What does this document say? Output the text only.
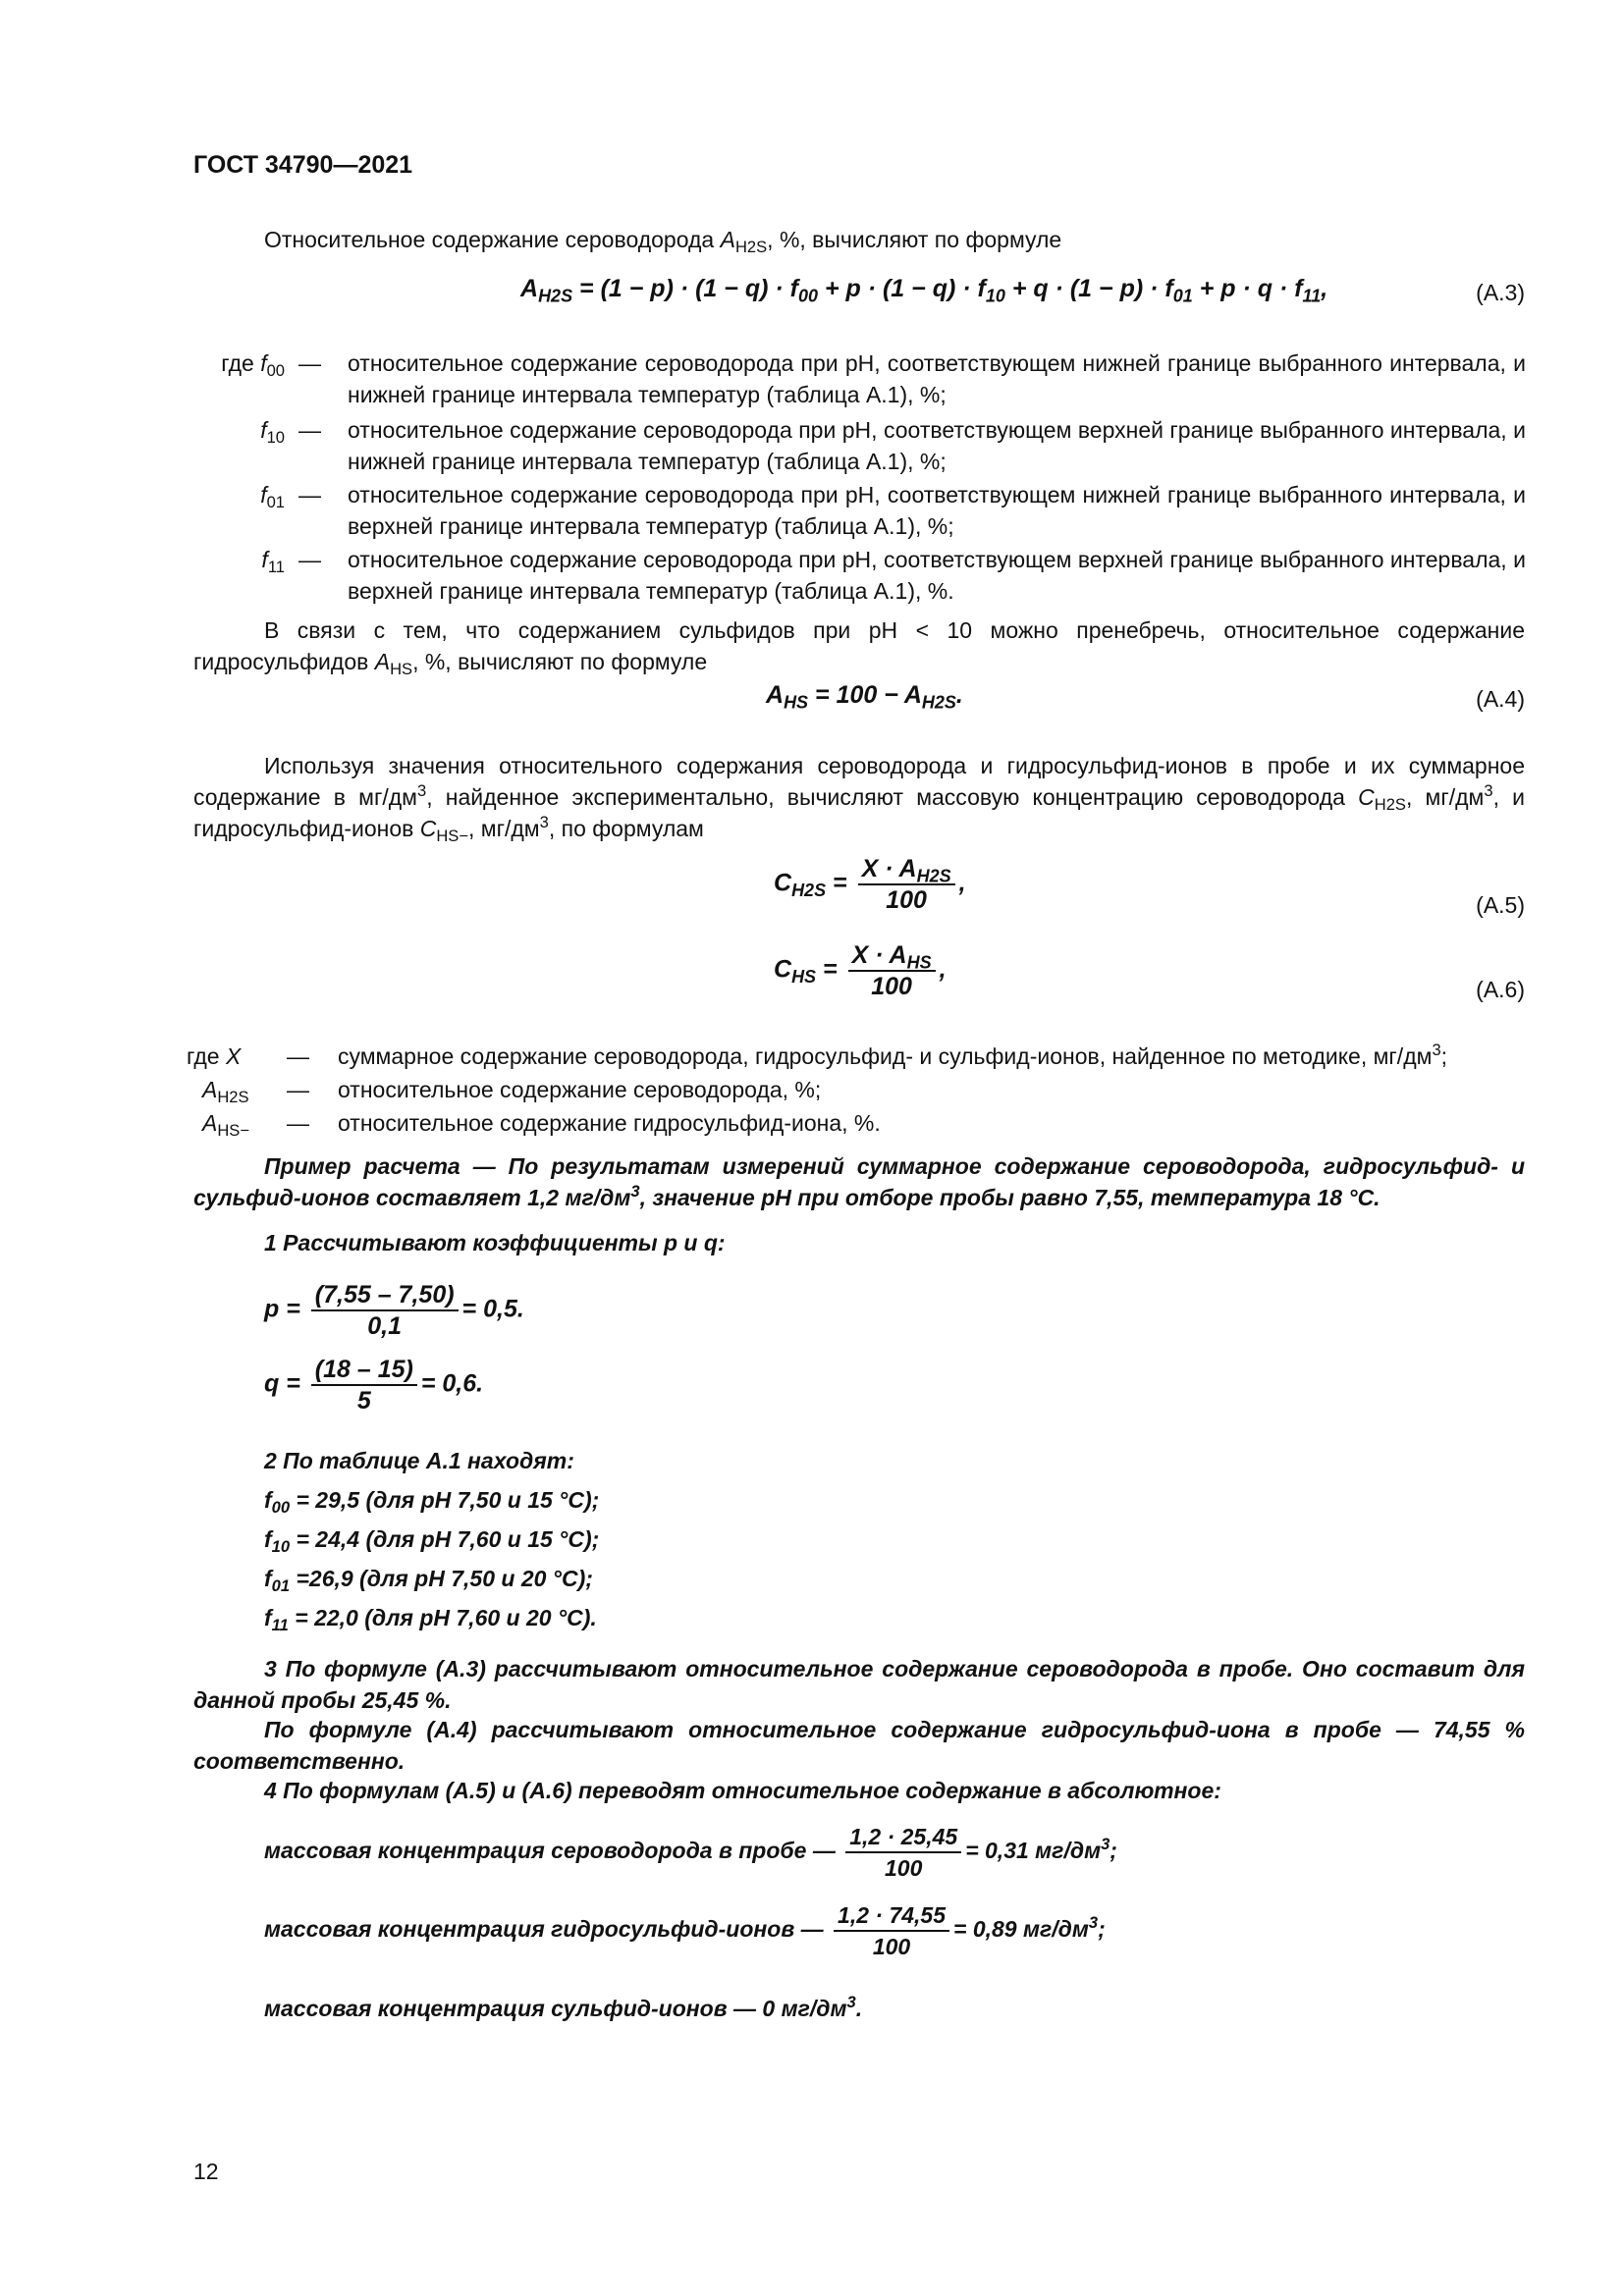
ГОСТ 34790—2021
Относительное содержание сероводорода $A_{H2S}$, %, вычисляют по формуле
$A_{H2S} = (1 - p) \cdot (1 - q) \cdot f_{00} + p \cdot (1 - q) \cdot f_{10} + q \cdot (1 - p) \cdot f_{01} + p \cdot q \cdot f_{11}$,	(А.3)
где $f_{00}$ — относительное содержание сероводорода при рН, соответствующем нижней границе выбранного интервала, и нижней границе интервала температур (таблица А.1), %;
$f_{10}$ — относительное содержание сероводорода при рН, соответствующем верхней границе выбранного интервала, и нижней границе интервала температур (таблица А.1), %;
$f_{01}$ — относительное содержание сероводорода при рН, соответствующем нижней границе выбранного интервала, и верхней границе интервала температур (таблица А.1), %;
$f_{11}$ — относительное содержание сероводорода при рН, соответствующем верхней границе выбранного интервала, и верхней границе интервала температур (таблица А.1), %.
В связи с тем, что содержанием сульфидов при рН < 10 можно пренебречь, относительное содержание гидросульфидов $A_{HS}$, %, вычисляют по формуле
$A_{HS} = 100 - A_{H2S}$.	(А.4)
Используя значения относительного содержания сероводорода и гидросульфид-ионов в пробе и их суммарное содержание в $мг/дм^3$, найденное экспериментально, вычисляют массовую концентрацию сероводорода $C_{H2S}$, $мг/дм^3$, и гидросульфид-ионов $C_{HS-}$, $мг/дм^3$, по формулам
$C_{H2S} = \frac{X \cdot A_{H2S}}{100}$ ,
(А.5)
$C_{HS} = \frac{X \cdot A_{HS}}{100}$ ,
(А.6)
где X	— суммарное содержание сероводорода, гидросульфид- и сульфид-ионов, найденное по методике, $мг/дм^3$;
$A_{H2S}$	— относительное содержание сероводорода, %;
$A_{HS-}$	— относительное содержание гидросульфид-иона, %.
Пример расчета — По результатам измерений суммарное содержание сероводорода, гидросульфид- и сульфид-ионов составляет 1,2 $мг/дм^3$, значение рН при отборе пробы равно 7,55, температура 18 °С.
1 Рассчитывают коэффициенты р и q:
$p = \frac{(7,55 - 7,50)}{0,1} = 0,5$.
$q = \frac{(18 - 15)}{5} = 0,6$.
2 По таблице А.1 находят:
$f_{00} = 29,5$ (для рН 7,50 и 15 °С);
$f_{10} = 24,4$ (для рН 7,60 и 15 °С);
$f_{01} =26,9$ (для рН 7,50 и 20 °С);
$f_{11} = 22,0$ (для рН 7,60 и 20 °С).
3 По формуле (А.3) рассчитывают относительное содержание сероводорода в пробе. Оно составит для данной пробы 25,45 %.
По формуле (А.4) рассчитывают относительное содержание гидросульфид-иона в пробе — 74,55 % соответственно.
4 По формулам (А.5) и (А.6) переводят относительное содержание в абсолютное:
массовая концентрация сероводорода в пробе — $\frac{1,2 \cdot 25,45}{100} = 0,31$ $мг/дм^3$;
массовая концентрация гидросульфид-ионов — $\frac{1,2 \cdot 74,55}{100} = 0,89$ $мг/дм^3$;
массовая концентрация сульфид-ионов — 0 $мг/дм^3$.
12
